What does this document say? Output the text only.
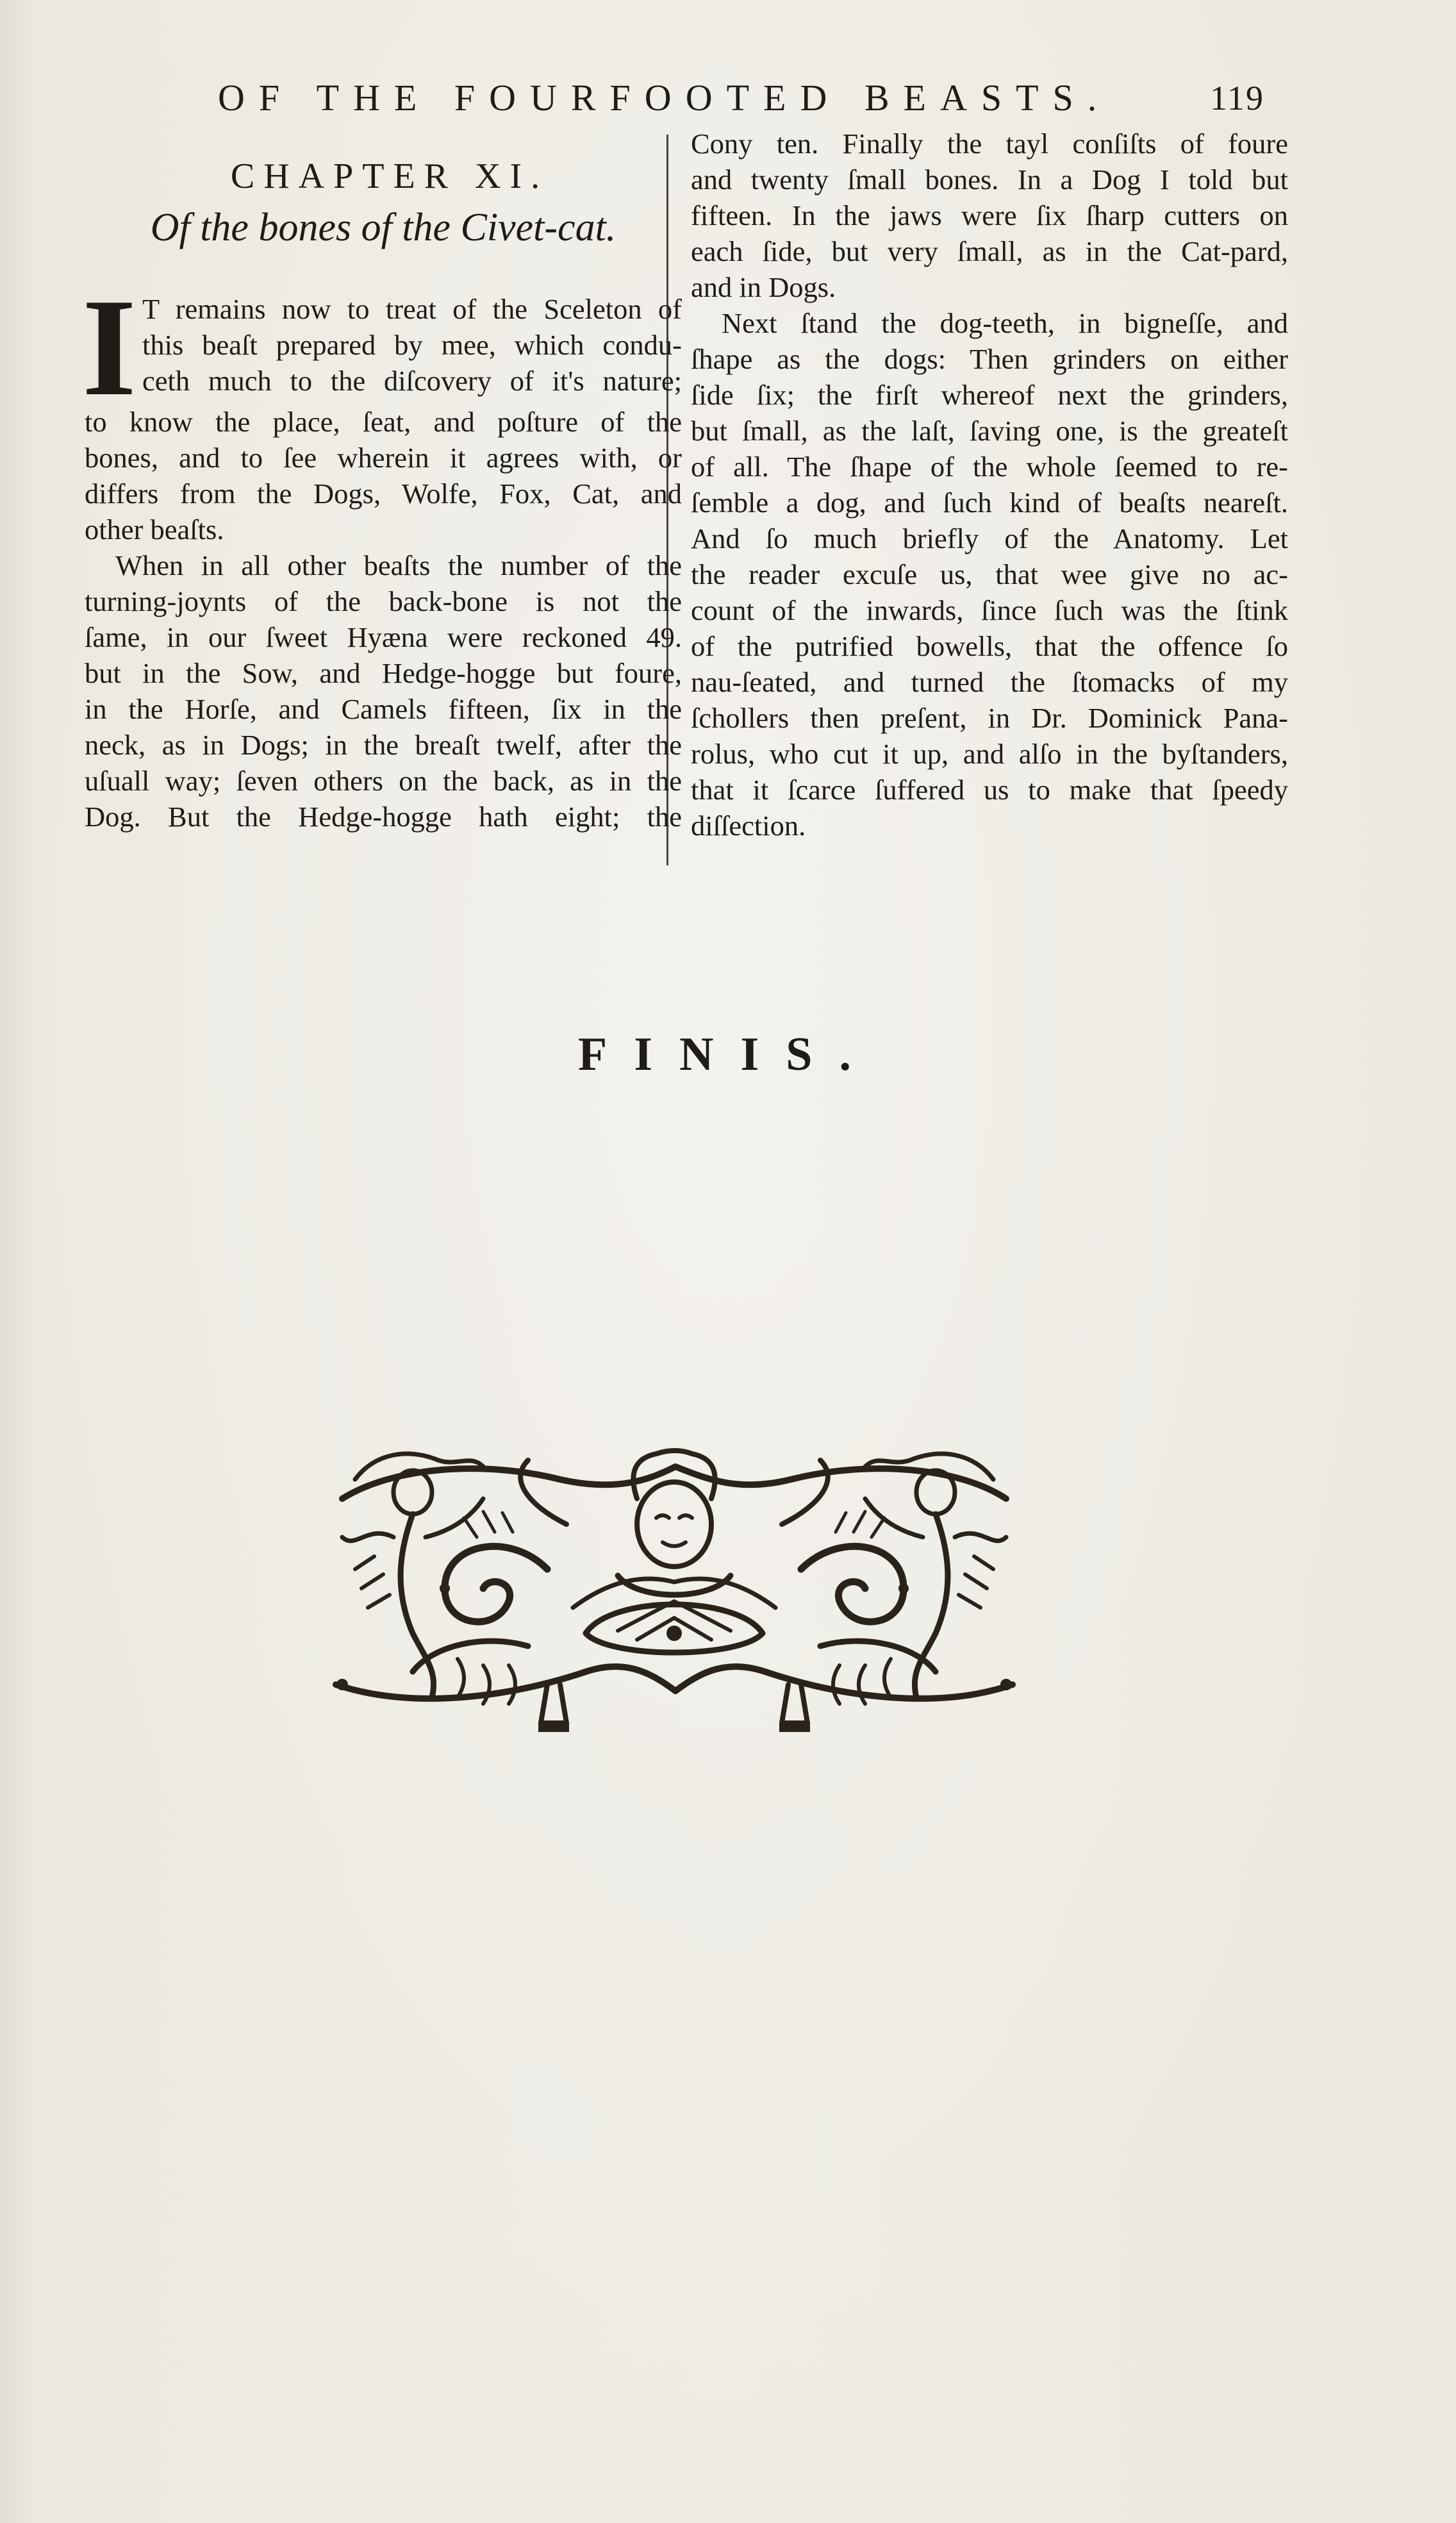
OF THE FOURFOOTED BEASTS.	119
CHAPTER XI.
Of the bones of the Civet-cat.
I T remains now to treat of the Sceleton of
this beaſt prepared by mee, which condu-
ceth much to the diſcovery of it's nature;
to know the place, ſeat, and poſture of the
bones, and to ſee wherein it agrees with, or
differs from the Dogs, Wolfe, Fox, Cat, and
other beaſts.
When in all other beaſts the number of the
turning-joynts of the back-bone is not the
ſame, in our ſweet Hyæna were reckoned 49.
but in the Sow, and Hedge-hogge but foure,
in the Horſe, and Camels fifteen, ſix in the
neck, as in Dogs; in the breaſt twelf, after the
uſuall way; ſeven others on the back, as in the
Dog. But the Hedge-hogge hath eight; the
Cony ten. Finally the tayl conſiſts of foure
and twenty ſmall bones. In a Dog I told but
fifteen. In the jaws were ſix ſharp cutters on
each ſide, but very ſmall, as in the Cat-pard,
and in Dogs.
Next ſtand the dog-teeth, in bigneſſe, and
ſhape as the dogs: Then grinders on either
ſide ſix; the firſt whereof next the grinders,
but ſmall, as the laſt, ſaving one, is the greateſt
of all. The ſhape of the whole ſeemed to re-
ſemble a dog, and ſuch kind of beaſts neareſt.
And ſo much briefly of the Anatomy. Let
the reader excuſe us, that wee give no ac-
count of the inwards, ſince ſuch was the ſtink
of the putrified bowells, that the offence ſo
nau-ſeated, and turned the ſtomacks of my
ſchollers then preſent, in Dr. Dominick Pana-
rolus, who cut it up, and alſo in the byſtanders,
that it ſcarce ſuffered us to make that ſpeedy
diſſection.
FINIS.
